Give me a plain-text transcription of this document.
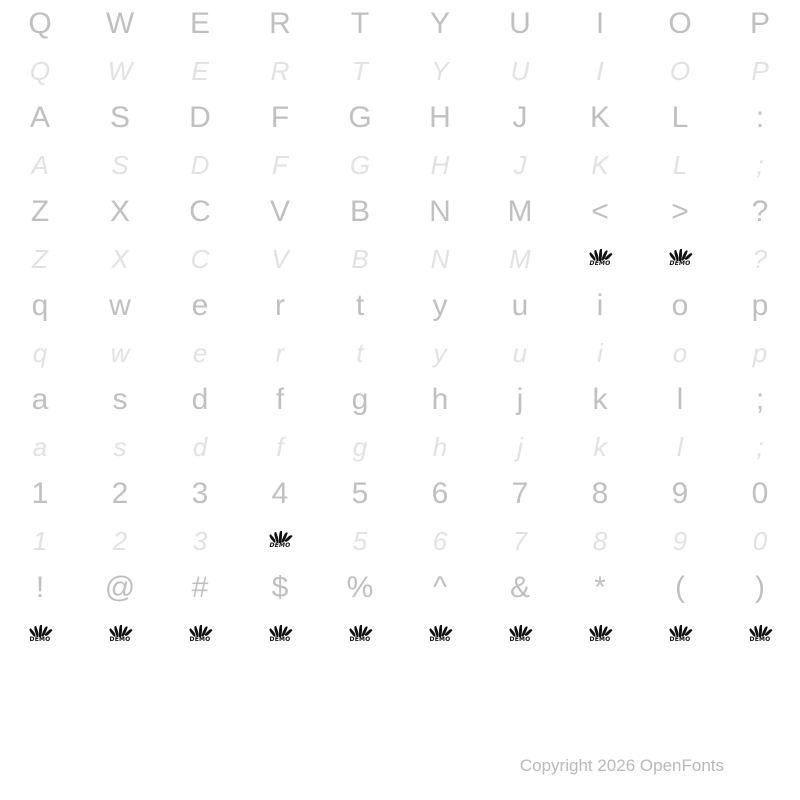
Q	W	E	R	T	Y	U	I	O	P
Q	W	E	R	T	Y	U	I	O	P
A	S	D	F	G	H	J	K	L	:
A	S	D	F	G	H	J	K	L	;
Z	X	C	V	B	N	M	<	>	?
Z	X	C	V	B	N	M	DEMO	DEMO	?
q	w	e	r	t	y	u	i	o	p
q	w	e	r	t	y	u	i	o	p
a	s	d	f	g	h	j	k	l	;
a	s	d	f	g	h	j	k	l	;
1	2	3	4	5	6	7	8	9	0
1	2	3	DEMO	5	6	7	8	9	0
!	@	#	$	%	^	&	*	(	)
DEMO	DEMO	DEMO	DEMO	DEMO	DEMO	DEMO	DEMO	DEMO	DEMO
Copyright 2026 OpenFonts
